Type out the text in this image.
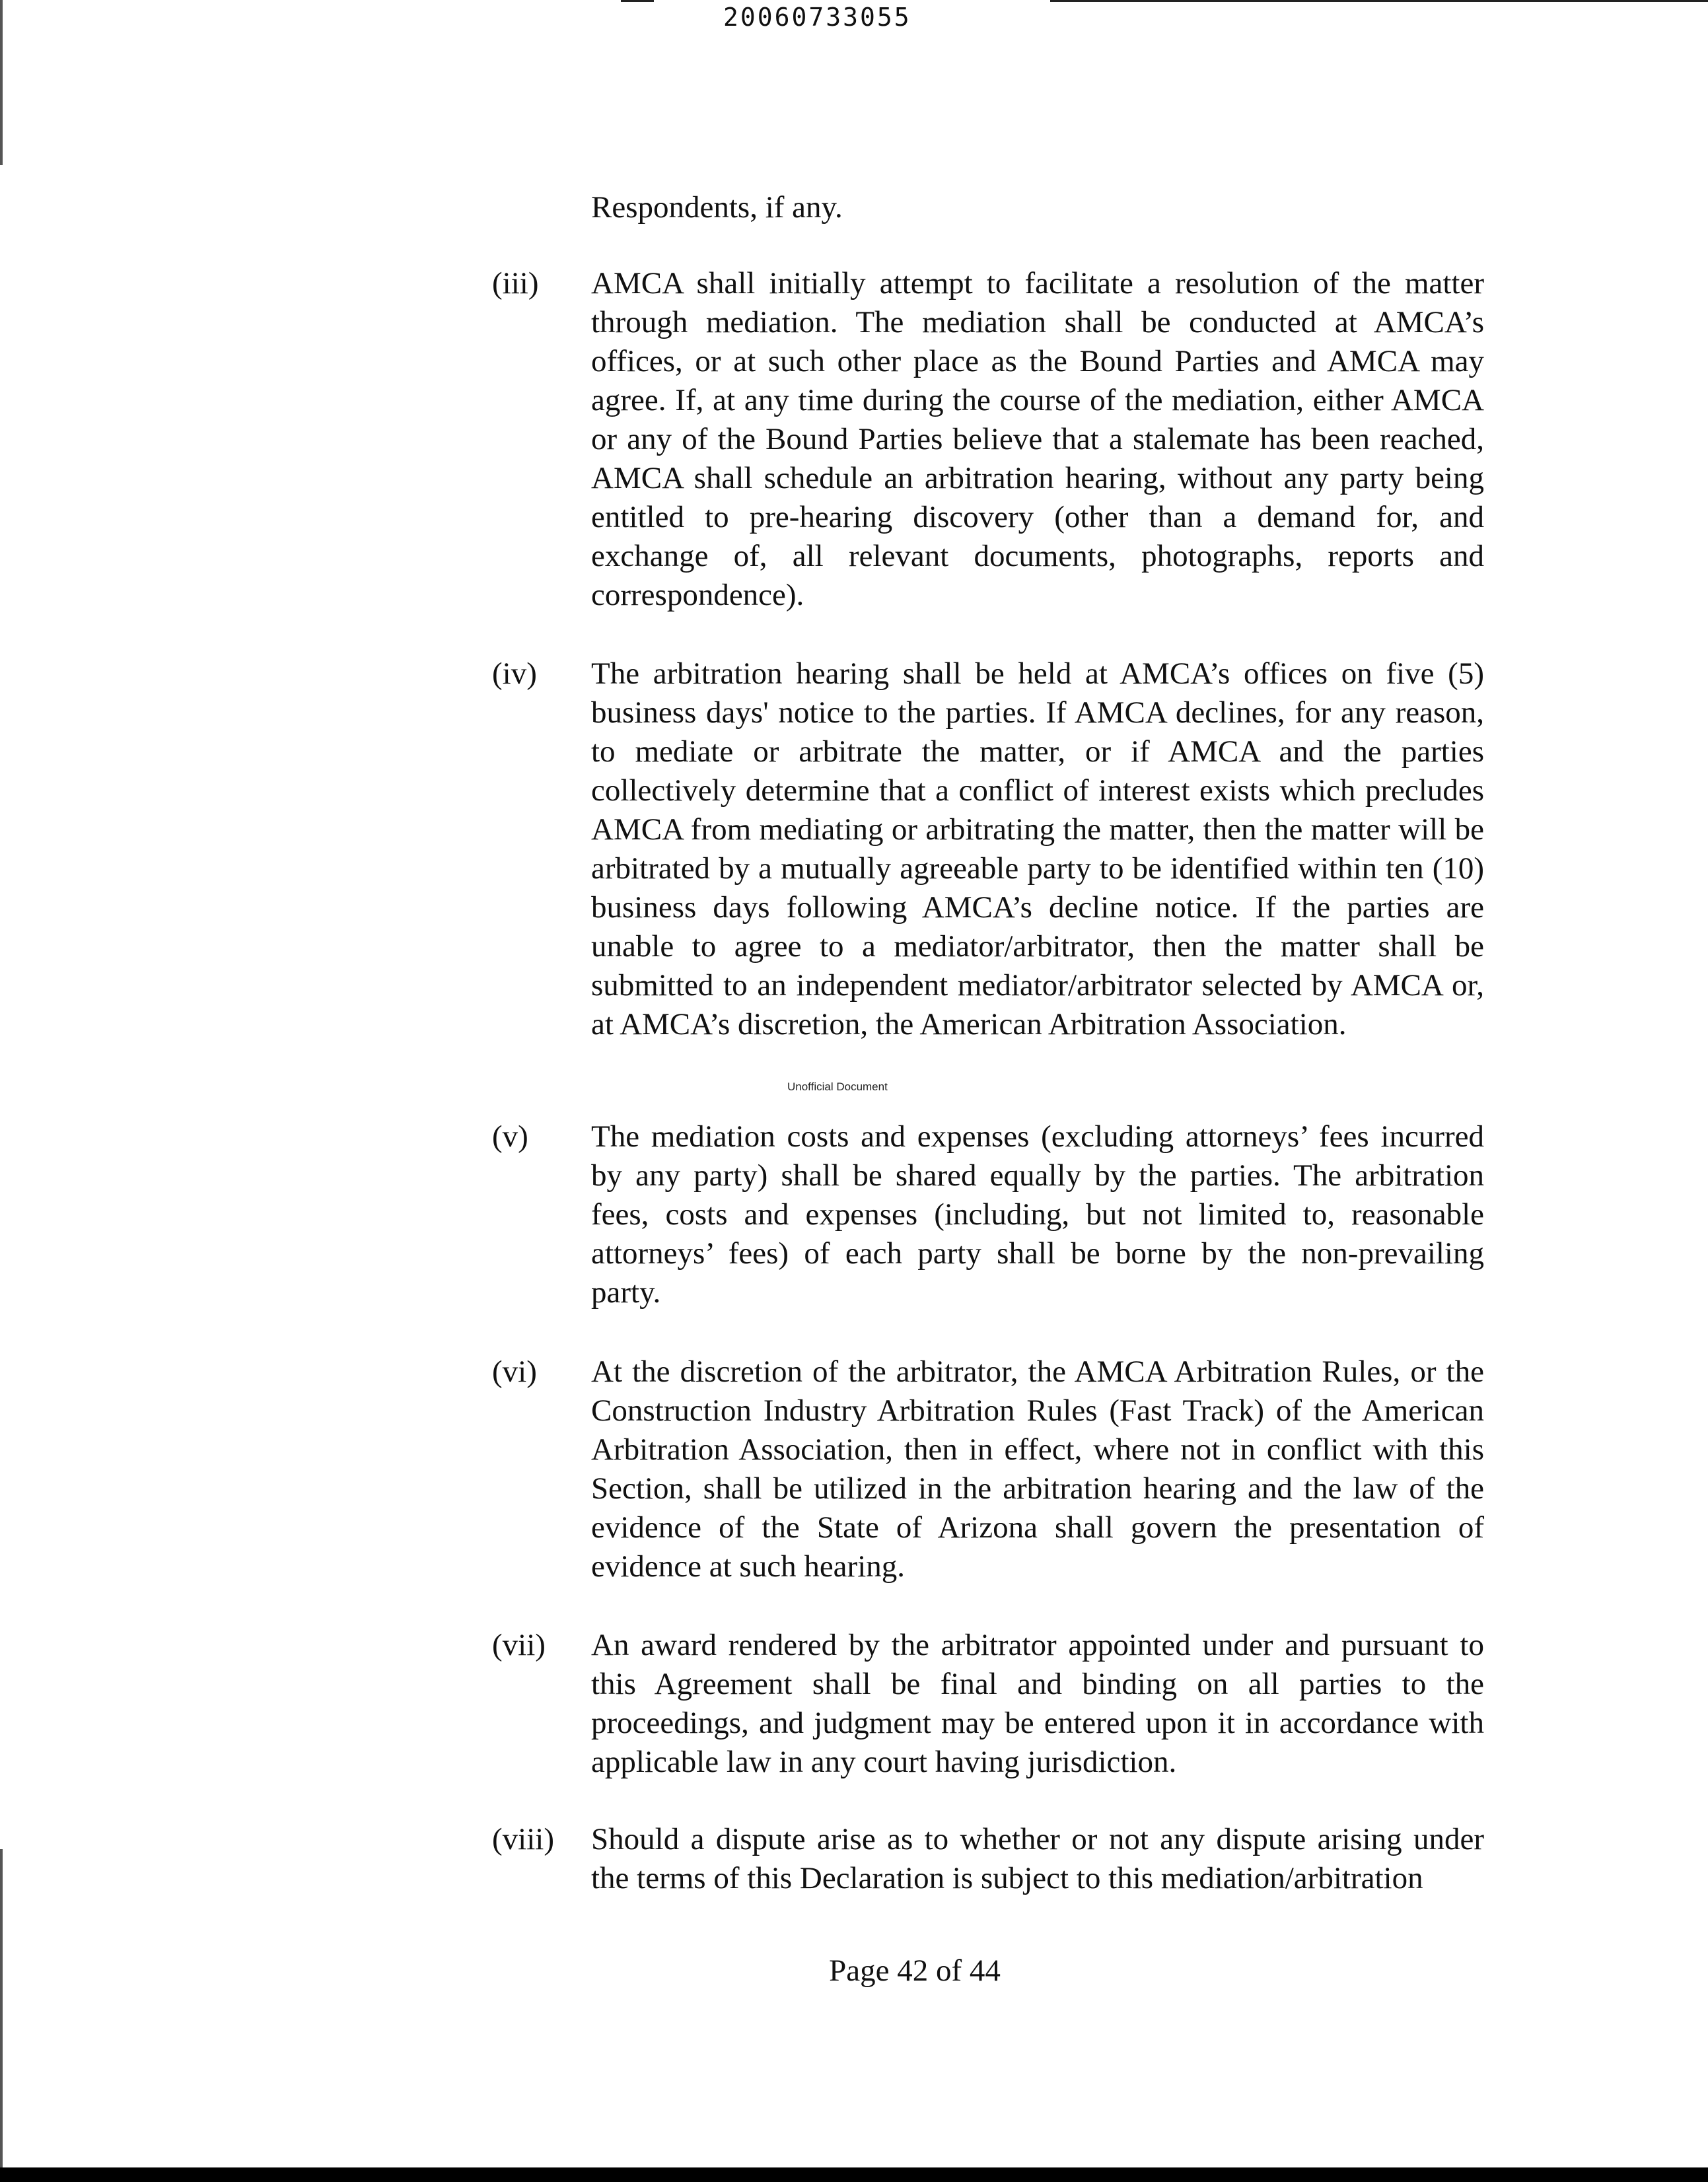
20060733055
Respondents, if any.
(iii) AMCA shall initially attempt to facilitate a resolution of the matter through mediation. The mediation shall be conducted at AMCA’s offices, or at such other place as the Bound Parties and AMCA may agree. If, at any time during the course of the mediation, either AMCA or any of the Bound Parties believe that a stalemate has been reached, AMCA shall schedule an arbitration hearing, without any party being entitled to pre-hearing discovery (other than a demand for, and exchange of, all relevant documents, photographs, reports and correspondence).
(iv) The arbitration hearing shall be held at AMCA’s offices on five (5) business days' notice to the parties. If AMCA declines, for any reason, to mediate or arbitrate the matter, or if AMCA and the parties collectively determine that a conflict of interest exists which precludes AMCA from mediating or arbitrating the matter, then the matter will be arbitrated by a mutually agreeable party to be identified within ten (10) business days following AMCA’s decline notice. If the parties are unable to agree to a mediator/arbitrator, then the matter shall be submitted to an independent mediator/arbitrator selected by AMCA or, at AMCA’s discretion, the American Arbitration Association.
Unofficial Document
(v) The mediation costs and expenses (excluding attorneys’ fees incurred by any party) shall be shared equally by the parties. The arbitration fees, costs and expenses (including, but not limited to, reasonable attorneys’ fees) of each party shall be borne by the non-prevailing party.
(vi) At the discretion of the arbitrator, the AMCA Arbitration Rules, or the Construction Industry Arbitration Rules (Fast Track) of the American Arbitration Association, then in effect, where not in conflict with this Section, shall be utilized in the arbitration hearing and the law of the evidence of the State of Arizona shall govern the presentation of evidence at such hearing.
(vii) An award rendered by the arbitrator appointed under and pursuant to this Agreement shall be final and binding on all parties to the proceedings, and judgment may be entered upon it in accordance with applicable law in any court having jurisdiction.
(viii) Should a dispute arise as to whether or not any dispute arising under the terms of this Declaration is subject to this mediation/arbitration
Page 42 of 44
